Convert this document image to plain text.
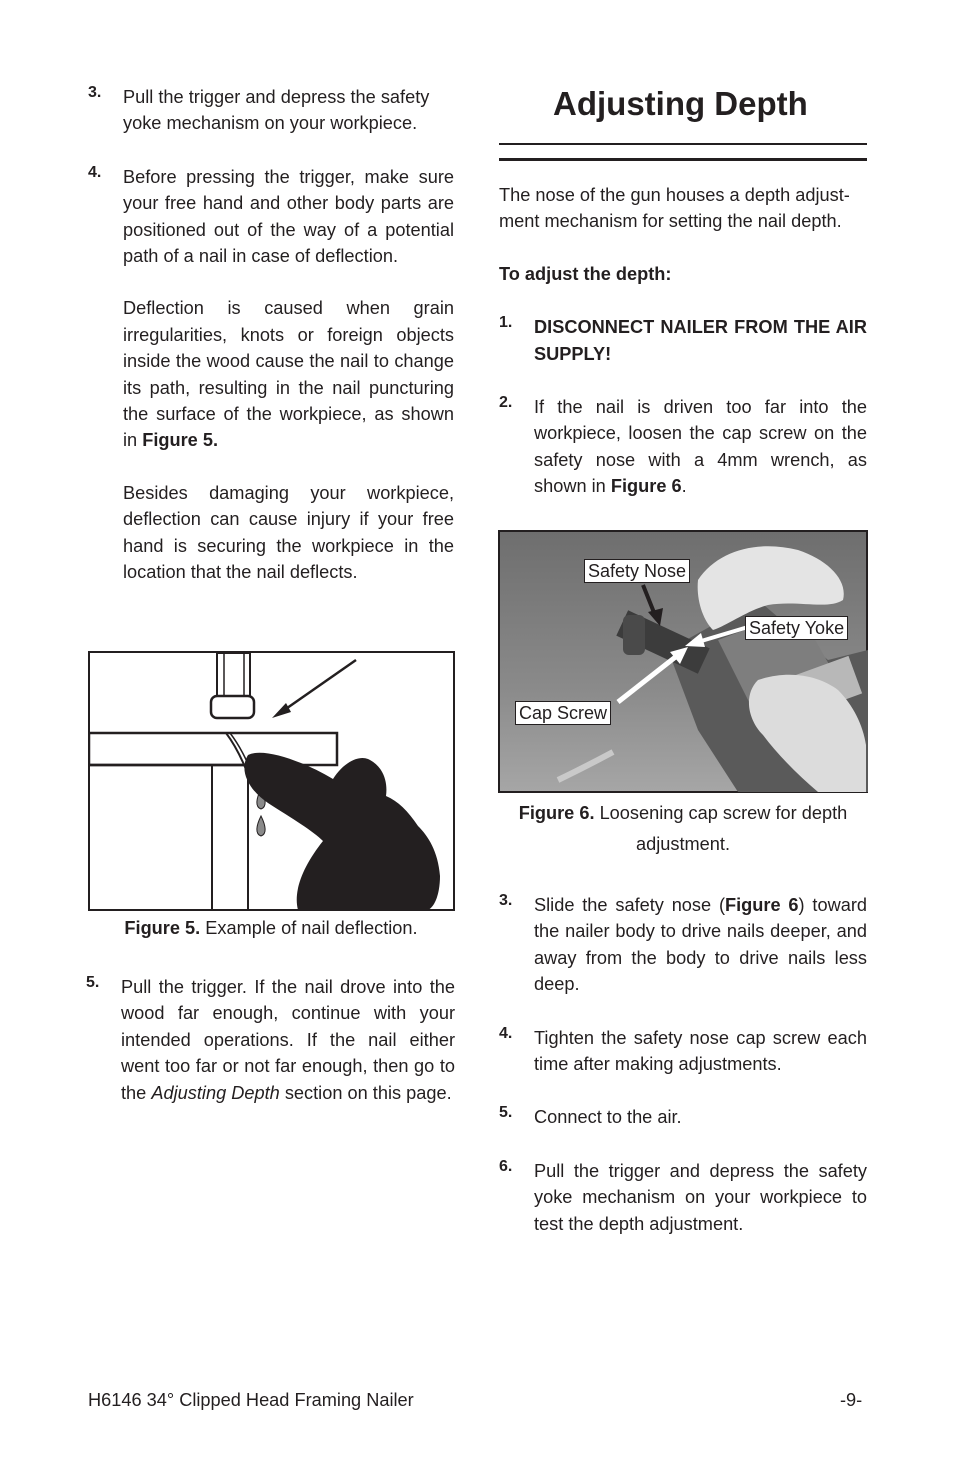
3.	Pull the trigger and depress the safety yoke mechanism on your workpiece.

4.	Before pressing the trigger, make sure your free hand and other body parts are positioned out of the way of a potential path of a nail in case of deflection.

Deflection is caused when grain irregularities, knots or foreign objects inside the wood cause the nail to change its path, resulting in the nail puncturing the surface of the workpiece, as shown in Figure 5.

Besides damaging your workpiece, deflection can cause injury if your free hand is securing the workpiece in the location that the nail deflects.

Figure 5. Example of nail deflection.
5.	Pull the trigger. If the nail drove into the wood far enough, continue with your intended operations. If the nail either went too far or not far enough, then go to the Adjusting Depth section on this page.

Adjusting Depth

The nose of the gun houses a depth adjust-ment mechanism for setting the nail depth.

To adjust the depth:

1.	DISCONNECT NAILER FROM THE AIR SUPPLY!

2.	If the nail is driven too far into the workpiece, loosen the cap screw on the safety nose with a 4mm wrench, as shown in Figure 6.

Safety Nose
Safety Yoke
Cap Screw
Figure 6. Loosening cap screw for depth
adjustment.
3.	Slide the safety nose (Figure 6) toward the nailer body to drive nails deeper, and away from the body to drive nails less deep.

4.	Tighten the safety nose cap screw each time after making adjustments.

5.	Connect to the air.

6.	Pull the trigger and depress the safety yoke mechanism on your workpiece to test the depth adjustment.

H6146 34° Clipped Head Framing Nailer	-9-
